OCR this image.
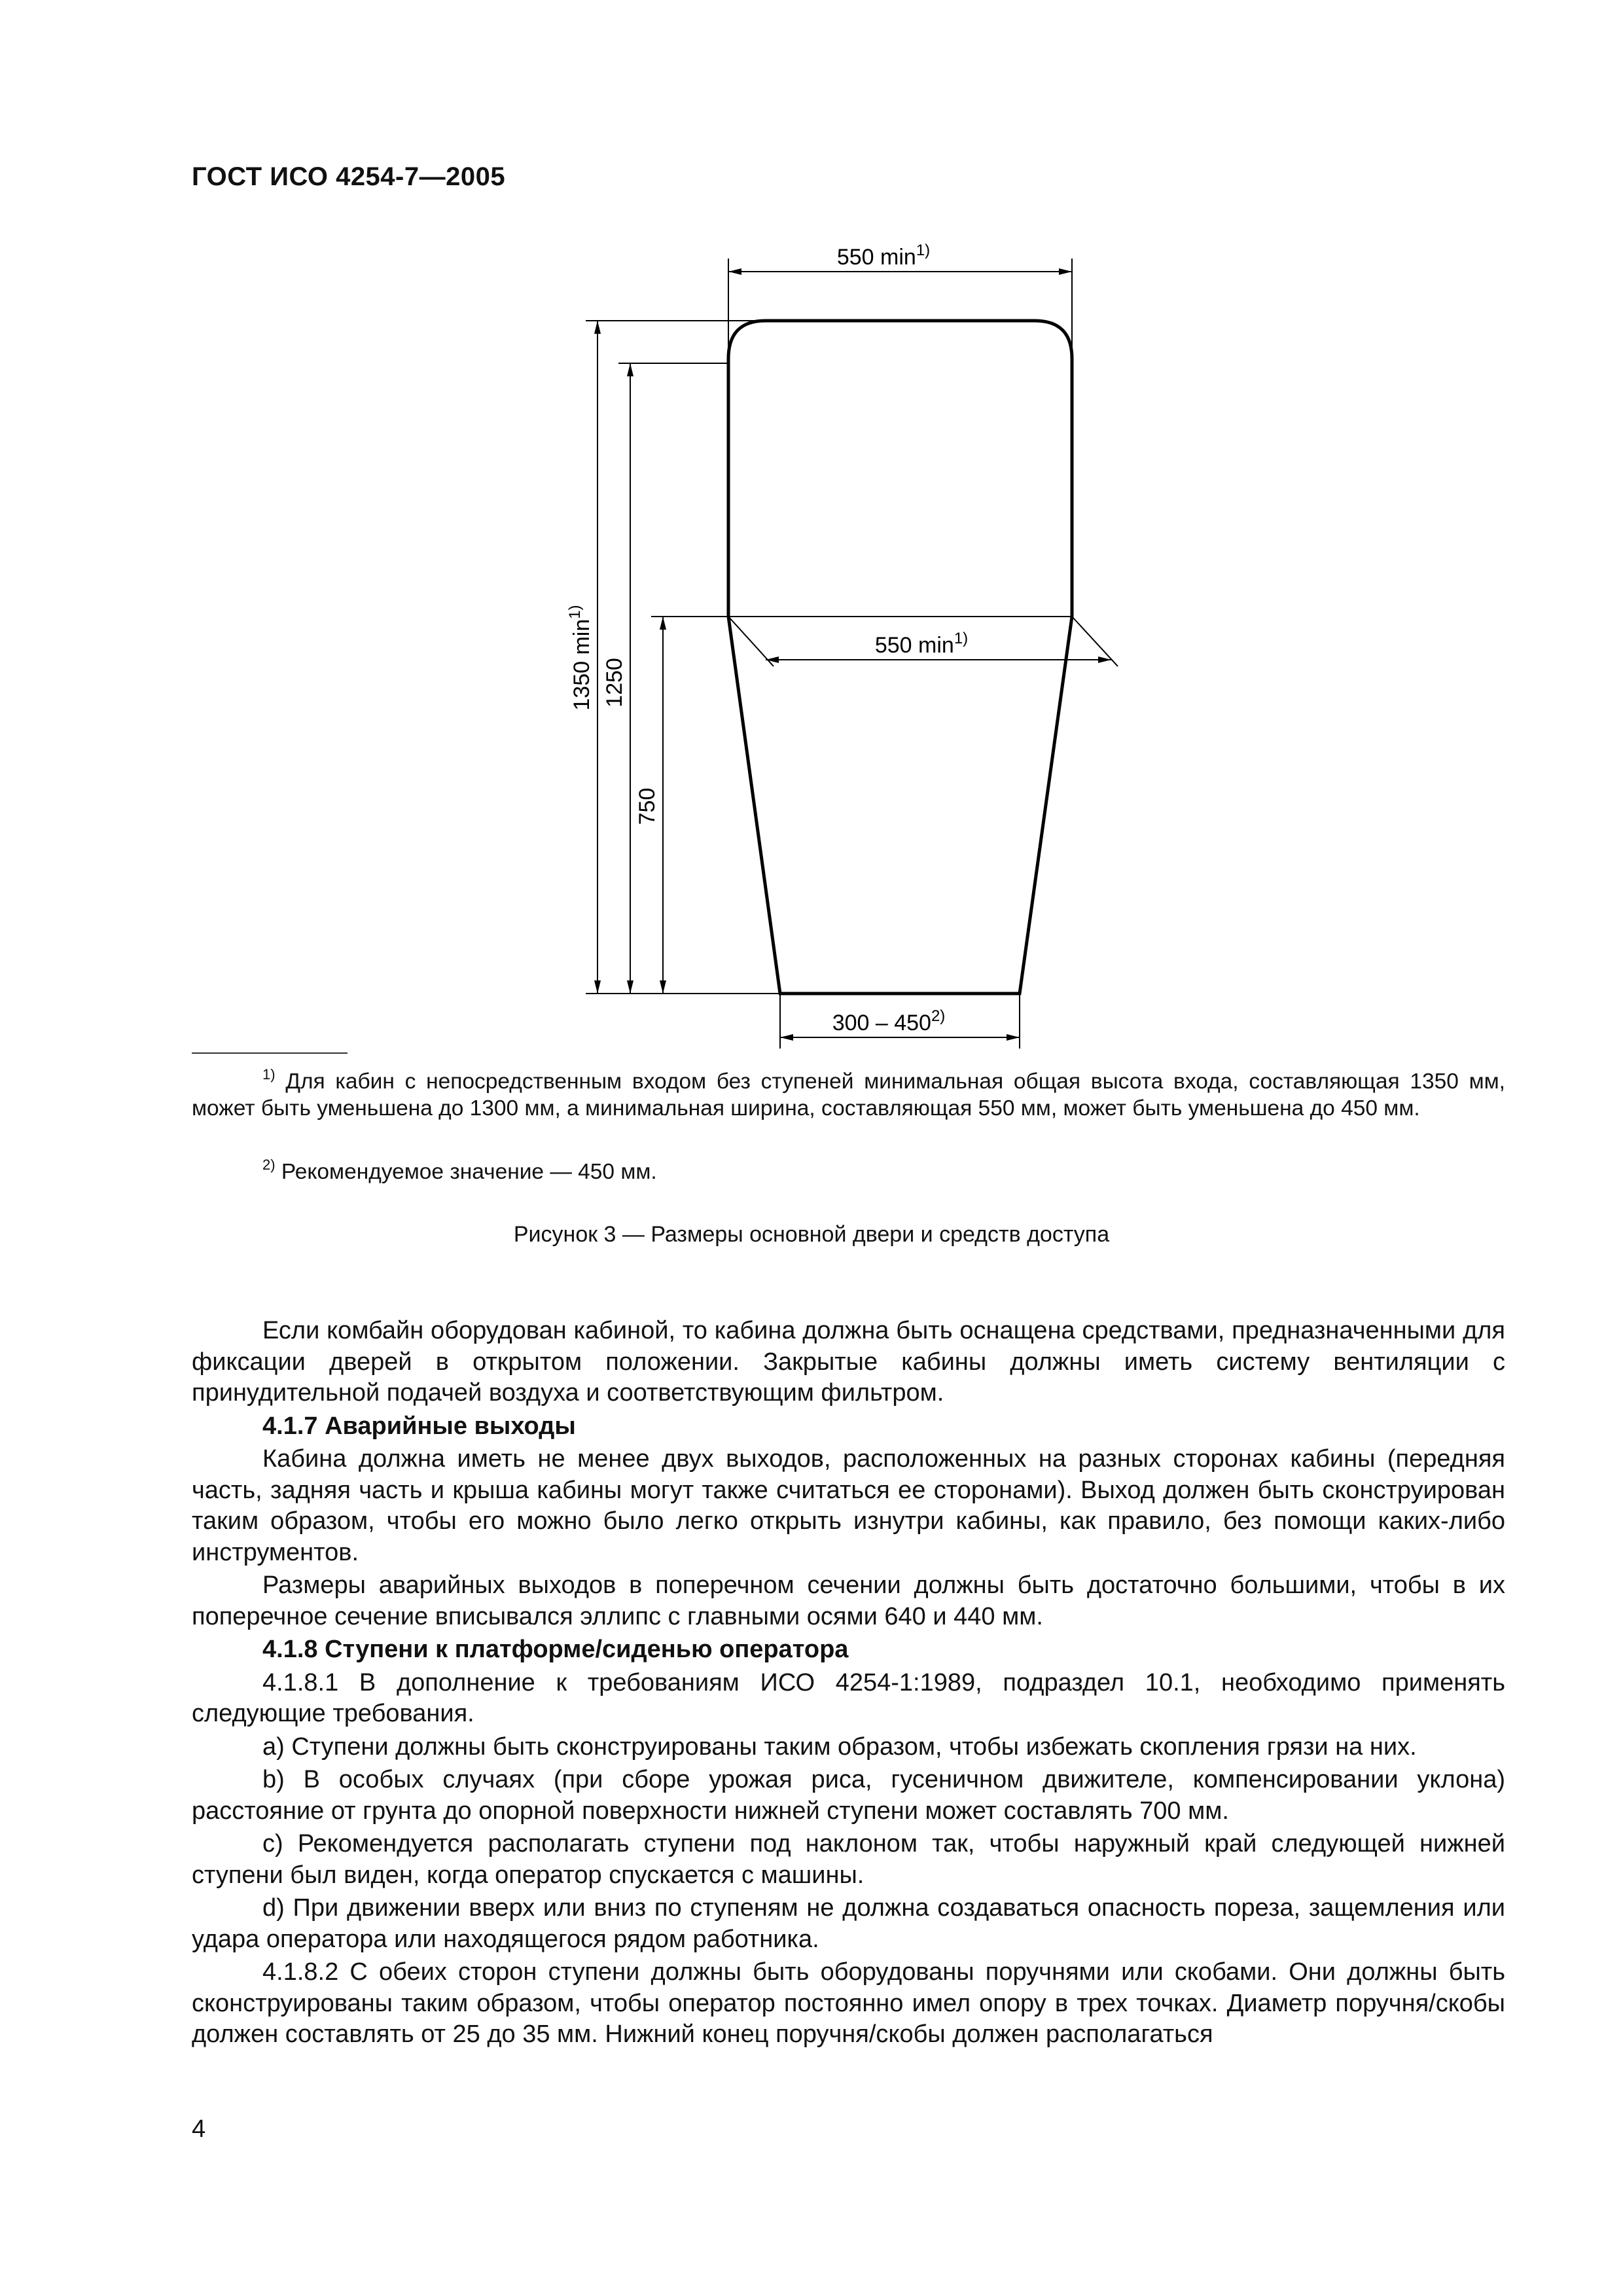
ГОСТ ИСО 4254-7—2005
550 $\min^{1)}$
550 $\min^{1)}$
300 – 450$^{2)}$
1350 $\min^{1)}$
1250
750
$^{1)}$ Для кабин с непосредственным входом без ступеней минимальная общая высота входа, составляющая 1350 мм, может быть уменьшена до 1300 мм, а минимальная ширина, составляющая 550 мм, может быть уменьшена до 450 мм.
$^{2)}$ Рекомендуемое значение — 450 мм.
Рисунок 3 — Размеры основной двери и средств доступа

Если комбайн оборудован кабиной, то кабина должна быть оснащена средствами, предназначенными для фиксации дверей в открытом положении. Закрытые кабины должны иметь систему вентиляции с принудительной подачей воздуха и соответствующим фильтром.

4.1.7 Аварийные выходы

Кабина должна иметь не менее двух выходов, расположенных на разных сторонах кабины (передняя часть, задняя часть и крыша кабины могут также считаться ее сторонами). Выход должен быть сконструирован таким образом, чтобы его можно было легко открыть изнутри кабины, как правило, без помощи каких-либо инструментов.

Размеры аварийных выходов в поперечном сечении должны быть достаточно большими, чтобы в их поперечное сечение вписывался эллипс с главными осями 640 и 440 мм.

4.1.8 Ступени к платформе/сиденью оператора

4.1.8.1 В дополнение к требованиям ИСО 4254-1:1989, подраздел 10.1, необходимо применять следующие требования.

a) Ступени должны быть сконструированы таким образом, чтобы избежать скопления грязи на них.

b) В особых случаях (при сборе урожая риса, гусеничном движителе, компенсировании уклона) расстояние от грунта до опорной поверхности нижней ступени может составлять 700 мм.

c) Рекомендуется располагать ступени под наклоном так, чтобы наружный край следующей нижней ступени был виден, когда оператор спускается с машины.

d) При движении вверх или вниз по ступеням не должна создаваться опасность пореза, защемления или удара оператора или находящегося рядом работника.

4.1.8.2 С обеих сторон ступени должны быть оборудованы поручнями или скобами. Они должны быть сконструированы таким образом, чтобы оператор постоянно имел опору в трех точках. Диаметр поручня/скобы должен составлять от 25 до 35 мм. Нижний конец поручня/скобы должен располагаться

4
